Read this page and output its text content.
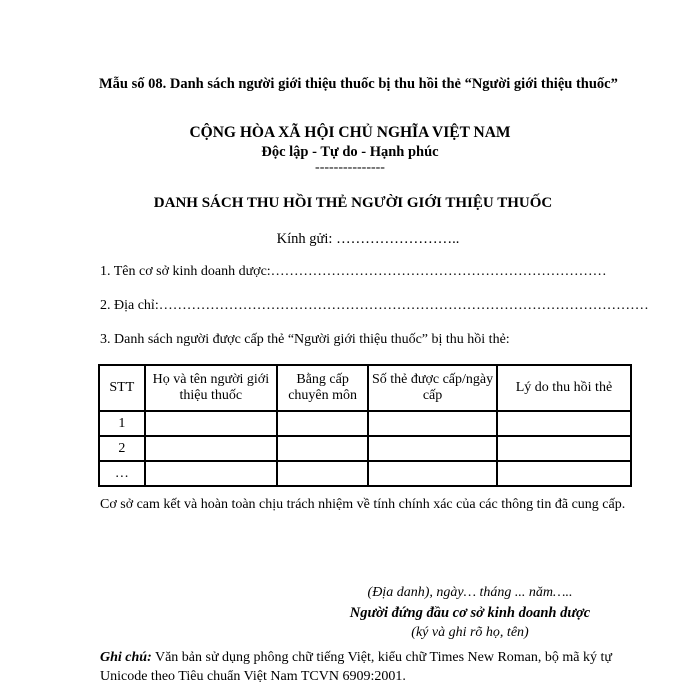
Mẫu số 08. Danh sách người giới thiệu thuốc bị thu hồi thẻ “Người giới thiệu thuốc”
CỘNG HÒA XÃ HỘI CHỦ NGHĨA VIỆT NAM
Độc lập - Tự do - Hạnh phúc
---------------
DANH SÁCH THU HỒI THẺ NGƯỜI GIỚI THIỆU THUỐC
Kính gửi: ……………………..
1. Tên cơ sở kinh doanh dược:………………………………………………………………
2. Địa chỉ:……………………………………………………………………………………………
3. Danh sách người được cấp thẻ “Người giới thiệu thuốc” bị thu hồi thẻ:
STT	Họ và tên người giới thiệu thuốc	Bằng cấp chuyên môn	Số thẻ được cấp/ngày cấp	Lý do thu hồi thẻ
1				
2				
…				
Cơ sở cam kết và hoàn toàn chịu trách nhiệm về tính chính xác của các thông tin đã cung cấp.
(Địa danh), ngày… tháng ... năm…..
Người đứng đầu cơ sở kinh doanh dược
(ký và ghi rõ họ, tên)
Ghi chú: Văn bản sử dụng phông chữ tiếng Việt, kiểu chữ Times New Roman, bộ mã ký tự Unicode theo Tiêu chuẩn Việt Nam TCVN 6909:2001.
